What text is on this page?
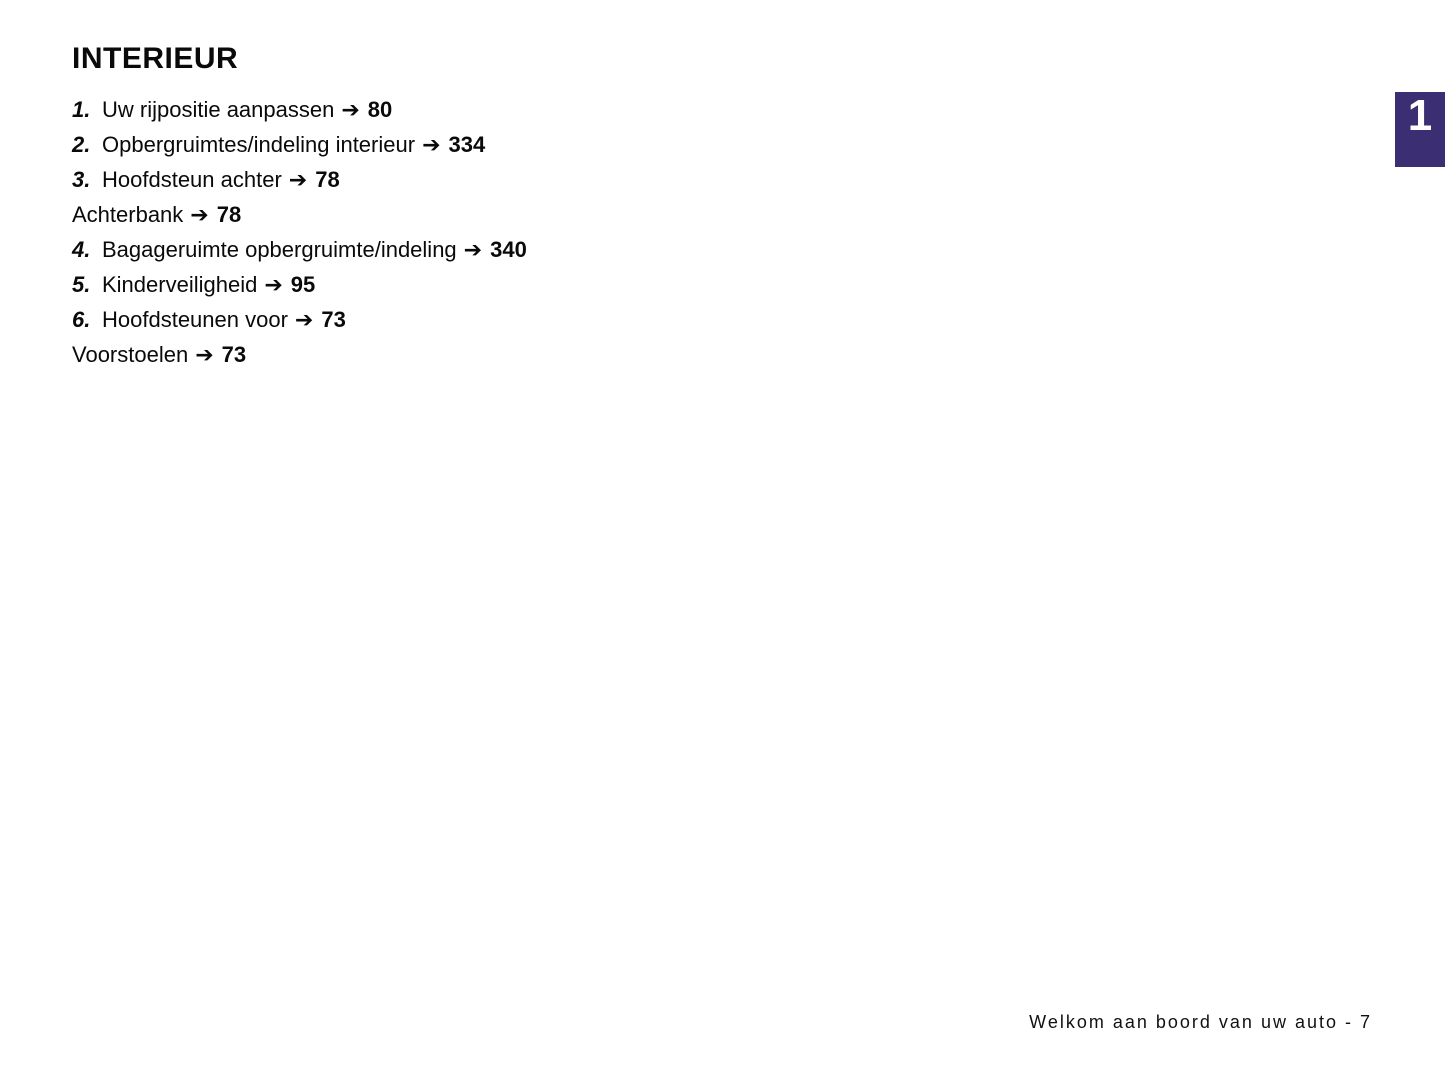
INTERIEUR
1. Uw rijpositie aanpassen ➔ 80
2. Opbergruimtes/indeling interieur ➔ 334
3. Hoofdsteun achter ➔ 78
Achterbank ➔ 78
4. Bagageruimte opbergruimte/indeling ➔ 340
5. Kinderveiligheid ➔ 95
6. Hoofdsteunen voor ➔ 73
Voorstoelen ➔ 73
1
Welkom aan boord van uw auto - 7
